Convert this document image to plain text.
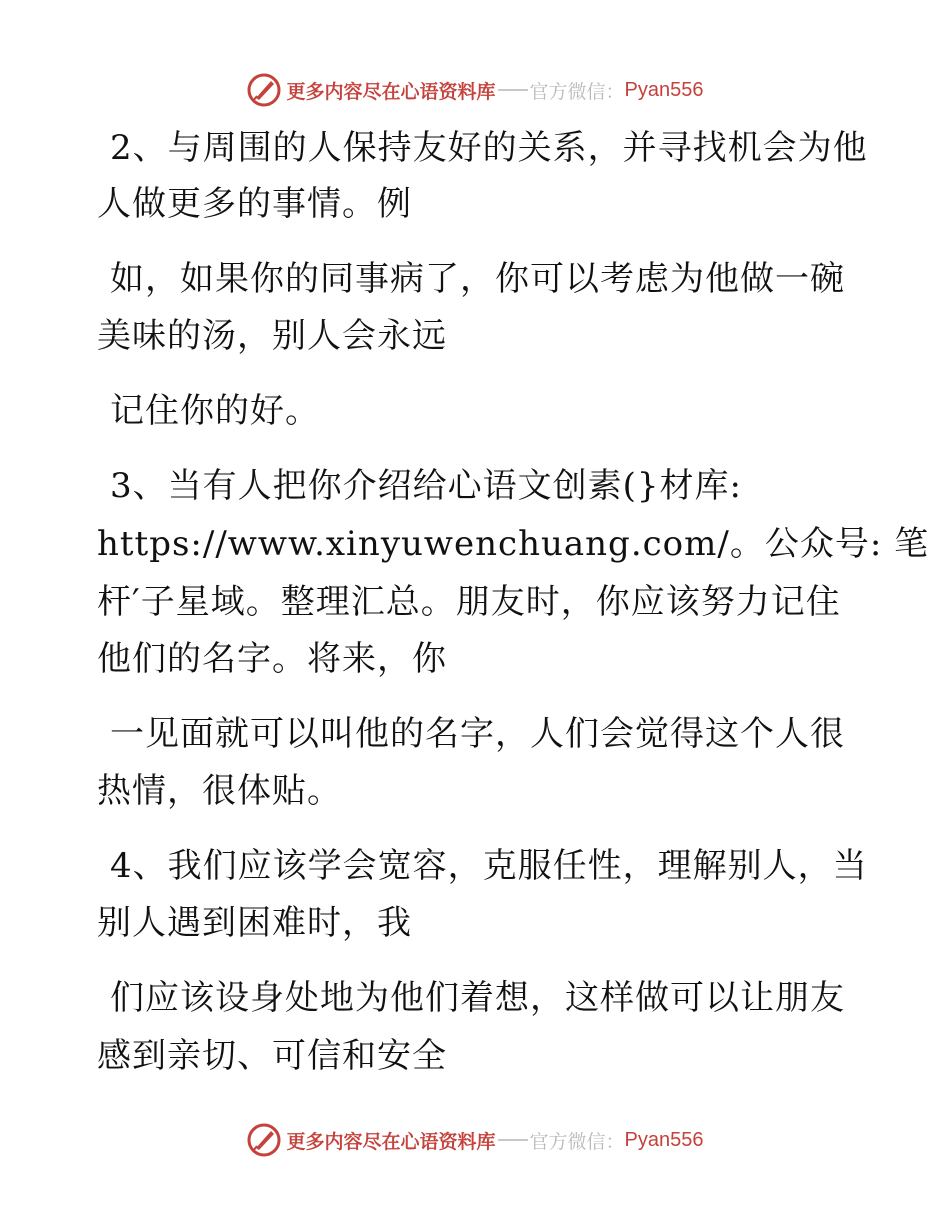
更多内容尽在心语资料库 官方微信： Pyan556
2、与周围的人保持友好的关系，并寻找机会为他
人做更多的事情。例
如，如果你的同事病了，你可以考虑为他做一碗
美味的汤，别人会永远
记住你的好。
3、当有人把你介绍给心语文创素(}材库:
https://www.xinyuwenchuang.com/。公众号: 笔
杆′子星域。整理汇总。朋友时，你应该努力记住
他们的名字。将来，你
一见面就可以叫他的名字，人们会觉得这个人很
热情，很体贴。
4、我们应该学会宽容，克服任性，理解别人，当
别人遇到困难时，我
们应该设身处地为他们着想，这样做可以让朋友
感到亲切、可信和安全
更多内容尽在心语资料库 官方微信： Pyan556
